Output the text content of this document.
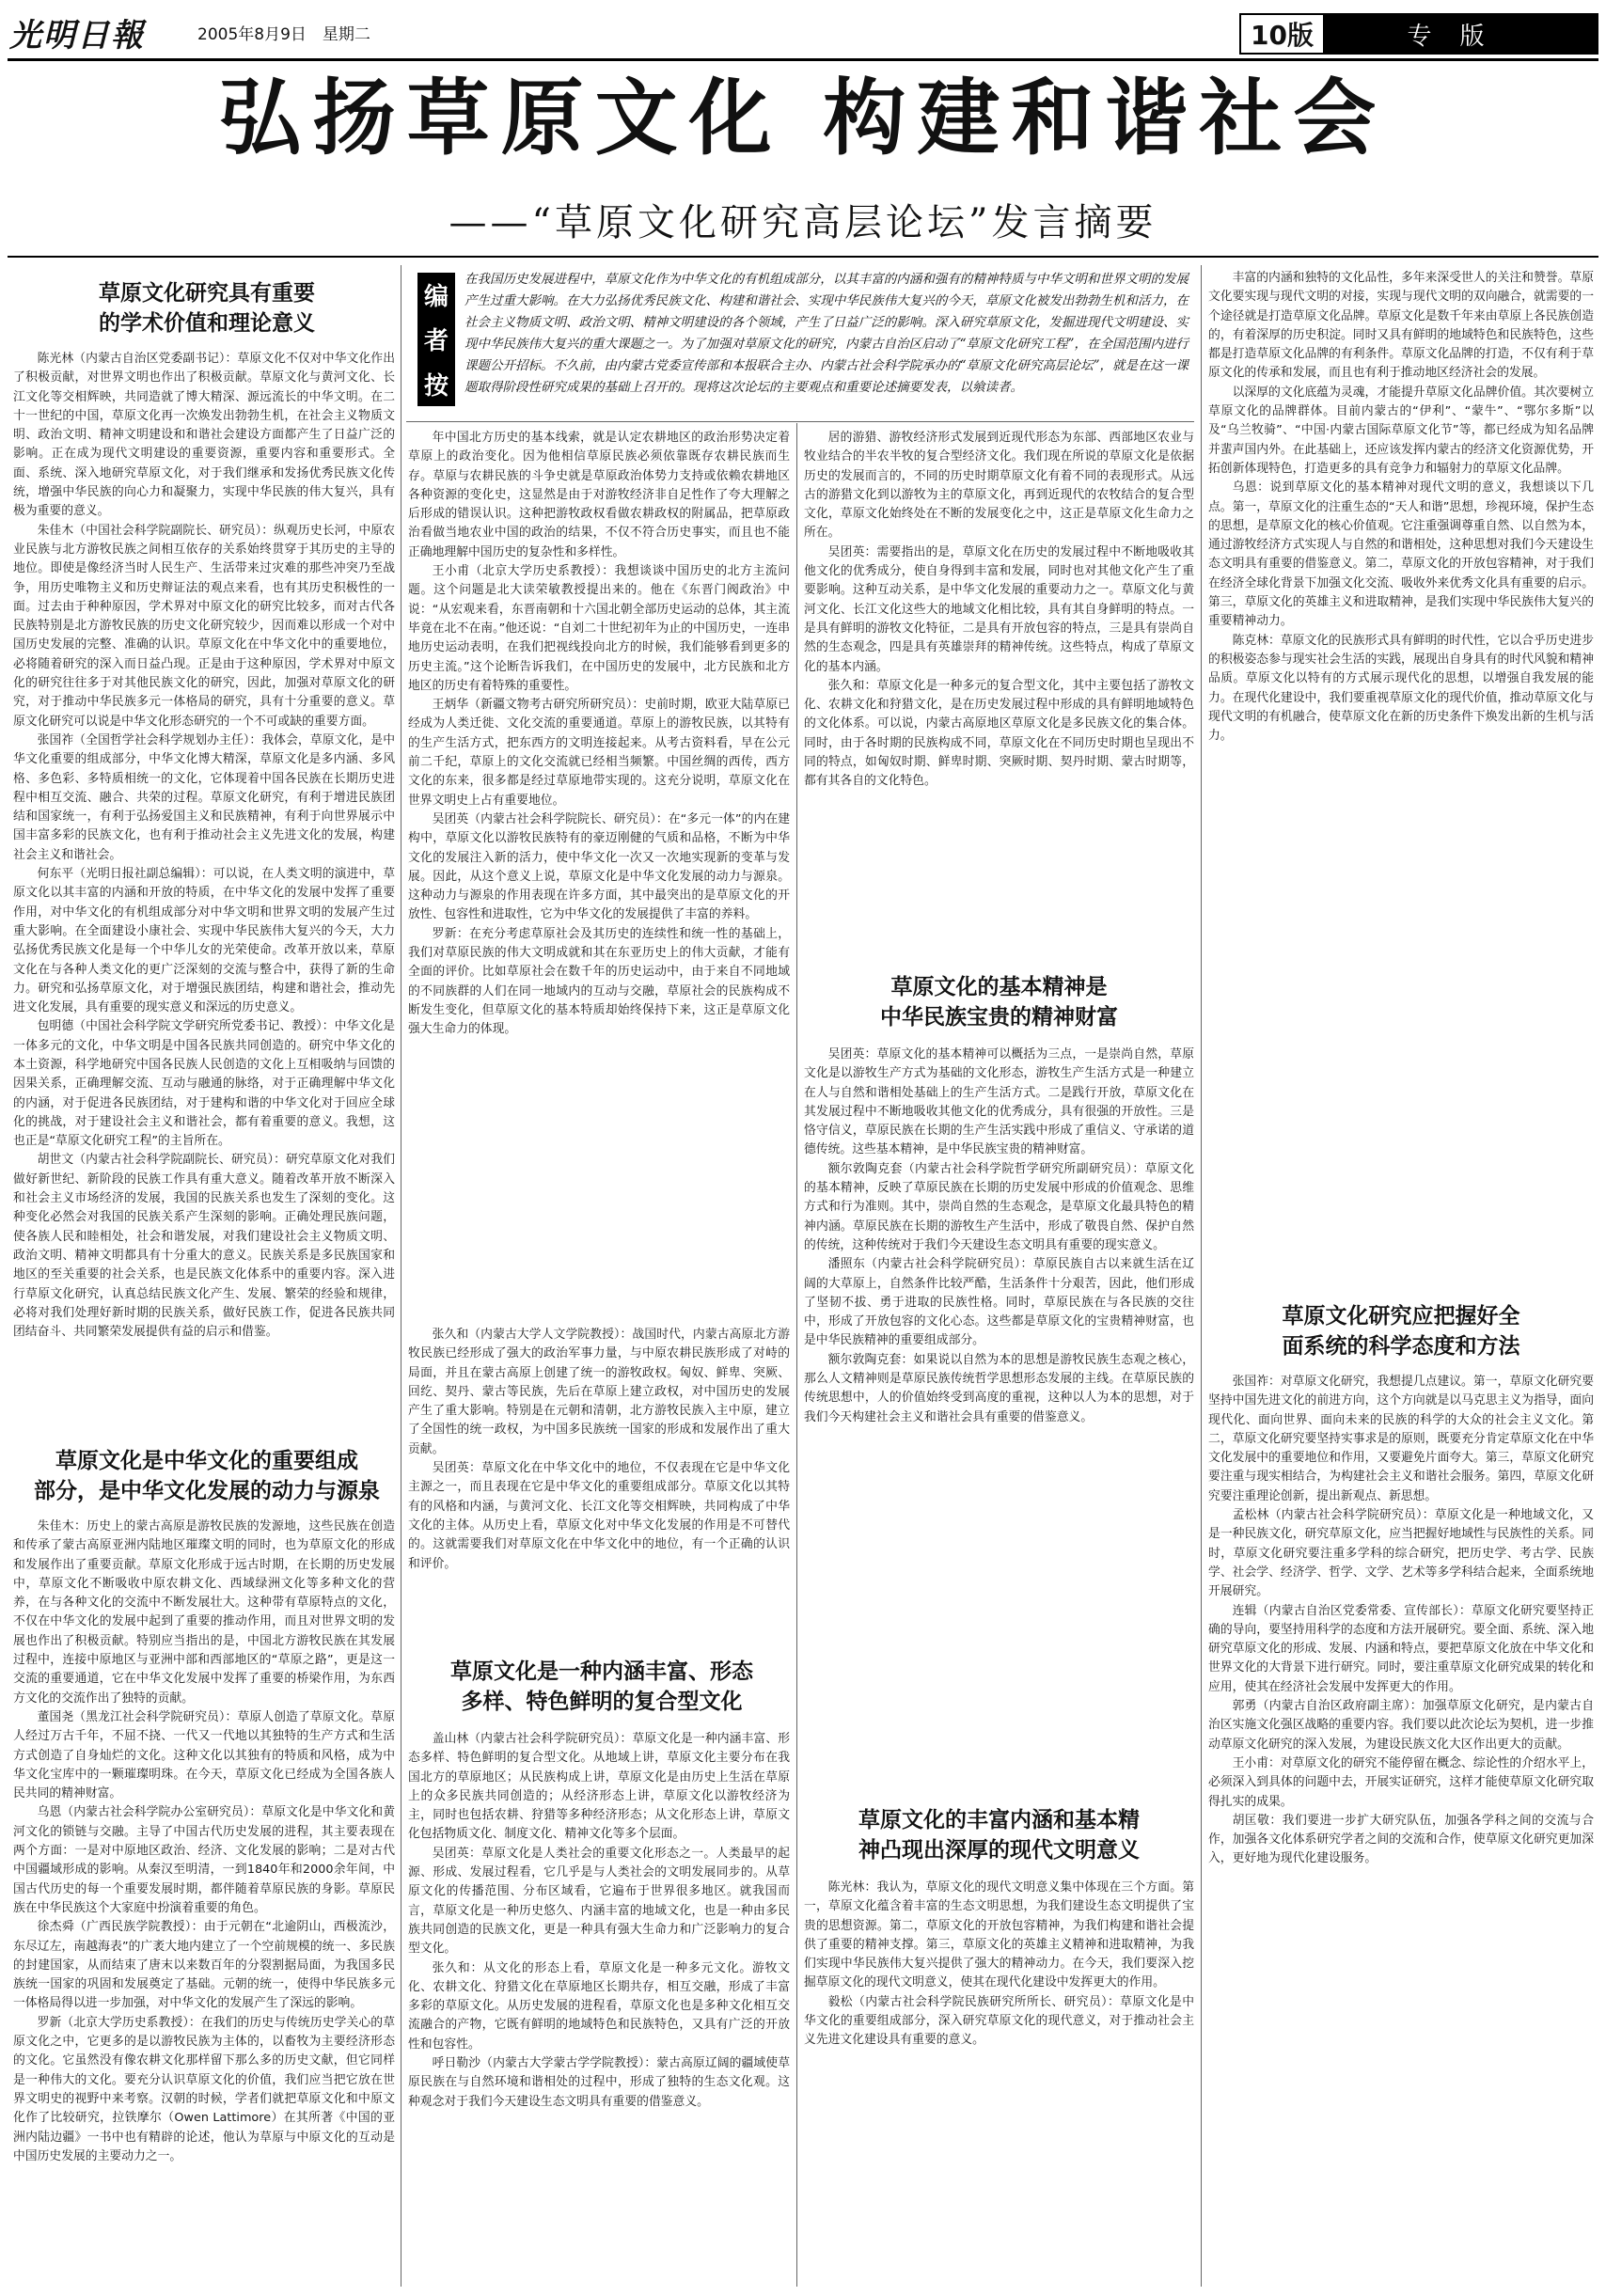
光明日報	2005年8月9日　星期二	10版	专版
弘扬草原文化 构建和谐社会
——“草原文化研究高层论坛”发言摘要
编
者
按
在我国历史发展进程中，草原文化作为中华文化的有机组成部分，以其丰富的内涵和强有的精神特质与中华文明和世界文明的发展产生过重大影响。在大力弘扬优秀民族文化、构建和谐社会、实现中华民族伟大复兴的今天，草原文化被发出勃勃生机和活力，在社会主义物质文明、政治文明、精神文明建设的各个领域，产生了日益广泛的影响。深入研究草原文化，发掘进现代文明建设、实现中华民族伟大复兴的重大课题之一。为了加强对草原文化的研究，内蒙古自治区启动了“草原文化研究工程”，在全国范围内进行课题公开招标。不久前，由内蒙古党委宣传部和本报联合主办、内蒙古社会科学院承办的“草原文化研究高层论坛”，就是在这一课题取得阶段性研究成果的基础上召开的。现将这次论坛的主要观点和重要论述摘要发表，以飨读者。
草原文化研究具有重要
的学术价值和理论意义

陈光林（内蒙古自治区党委副书记）：草原文化不仅对中华文化作出了积极贡献，对世界文明也作出了积极贡献。草原文化与黄河文化、长江文化等交相辉映，共同造就了博大精深、源远流长的中华文明。在二十一世纪的中国，草原文化再一次焕发出勃勃生机，在社会主义物质文明、政治文明、精神文明建设和和谐社会建设方面都产生了日益广泛的影响。正在成为现代文明建设的重要资源，重要内容和重要形式。全面、系统、深入地研究草原文化，对于我们继承和发扬优秀民族文化传统，增强中华民族的向心力和凝聚力，实现中华民族的伟大复兴，具有极为重要的意义。

朱佳木（中国社会科学院副院长、研究员）：纵观历史长河，中原农业民族与北方游牧民族之间相互依存的关系始终贯穿于其历史的主导的地位。即使是像经济当时人民生产、生活带来过灾难的那些冲突乃至战争，用历史唯物主义和历史辩证法的观点来看，也有其历史积极性的一面。过去由于种种原因，学术界对中原文化的研究比较多，而对古代各民族特别是北方游牧民族的历史文化研究较少，因而难以形成一个对中国历史发展的完整、准确的认识。草原文化在中华文化中的重要地位，必将随着研究的深入而日益凸现。正是由于这种原因，学术界对中原文化的研究往往多于对其他民族文化的研究，因此，加强对草原文化的研究，对于推动中华民族多元一体格局的研究，具有十分重要的意义。草原文化研究可以说是中华文化形态研究的一个不可或缺的重要方面。

张国祚（全国哲学社会科学规划办主任）：我体会，草原文化，是中华文化重要的组成部分，中华文化博大精深，草原文化是多内涵、多风格、多色彩、多特质相统一的文化，它体现着中国各民族在长期历史进程中相互交流、融合、共荣的过程。草原文化研究，有利于增进民族团结和国家统一，有利于弘扬爱国主义和民族精神，有利于向世界展示中国丰富多彩的民族文化，也有利于推动社会主义先进文化的发展，构建社会主义和谐社会。

何东平（光明日报社副总编辑）：可以说，在人类文明的演进中，草原文化以其丰富的内涵和开放的特质，在中华文化的发展中发挥了重要作用，对中华文化的有机组成部分对中华文明和世界文明的发展产生过重大影响。在全面建设小康社会、实现中华民族伟大复兴的今天，大力弘扬优秀民族文化是每一个中华儿女的光荣使命。改革开放以来，草原文化在与各种人类文化的更广泛深刻的交流与整合中，获得了新的生命力。研究和弘扬草原文化，对于增强民族团结，构建和谐社会，推动先进文化发展，具有重要的现实意义和深远的历史意义。

包明德（中国社会科学院文学研究所党委书记、教授）：中华文化是一体多元的文化，中华文明是中国各民族共同创造的。研究中华文化的本土资源，科学地研究中国各民族人民创造的文化上互相吸纳与回馈的因果关系，正确理解交流、互动与融通的脉络，对于正确理解中华文化的内涵，对于促进各民族团结，对于建构和谐的中华文化对于回应全球化的挑战，对于建设社会主义和谐社会，都有着重要的意义。我想，这也正是“草原文化研究工程”的主旨所在。

胡世文（内蒙古社会科学院副院长、研究员）：研究草原文化对我们做好新世纪、新阶段的民族工作具有重大意义。随着改革开放不断深入和社会主义市场经济的发展，我国的民族关系也发生了深刻的变化。这种变化必然会对我国的民族关系产生深刻的影响。正确处理民族问题，使各族人民和睦相处，社会和谐发展，对我们建设社会主义物质文明、政治文明、精神文明都具有十分重大的意义。民族关系是多民族国家和地区的至关重要的社会关系，也是民族文化体系中的重要内容。深入进行草原文化研究，认真总结民族文化产生、发展、繁荣的经验和规律，必将对我们处理好新时期的民族关系，做好民族工作，促进各民族共同团结奋斗、共同繁荣发展提供有益的启示和借鉴。

草原文化是中华文化的重要组成
部分，是中华文化发展的动力与源泉

朱佳木：历史上的蒙古高原是游牧民族的发源地，这些民族在创造和传承了蒙古高原亚洲内陆地区璀璨文明的同时，也为草原文化的形成和发展作出了重要贡献。草原文化形成于远古时期，在长期的历史发展中，草原文化不断吸收中原农耕文化、西域绿洲文化等多种文化的营养，在与各种文化的交流中不断发展壮大。这种带有草原特点的文化，不仅在中华文化的发展中起到了重要的推动作用，而且对世界文明的发展也作出了积极贡献。特别应当指出的是，中国北方游牧民族在其发展过程中，连接中原地区与亚洲中部和西部地区的“草原之路”，更是这一交流的重要通道，它在中华文化发展中发挥了重要的桥梁作用，为东西方文化的交流作出了独特的贡献。

董国尧（黑龙江社会科学院研究员）：草原人创造了草原文化。草原人经过万古千年，不屈不挠、一代又一代地以其独特的生产方式和生活方式创造了自身灿烂的文化。这种文化以其独有的特质和风格，成为中华文化宝库中的一颗璀璨明珠。在今天，草原文化已经成为全国各族人民共同的精神财富。

乌恩（内蒙古社会科学院办公室研究员）：草原文化是中华文化和黄河文化的锁链与交融。主导了中国古代历史发展的进程，其主要表现在两个方面：一是对中原地区政治、经济、文化发展的影响；二是对古代中国疆域形成的影响。从秦汉至明清，一到1840年和2000余年间，中国古代历史的每一个重要发展时期，都伴随着草原民族的身影。草原民族在中华民族这个大家庭中扮演着重要的角色。

徐杰舜（广西民族学院教授）：由于元朝在“北逾阴山，西极流沙，东尽辽左，南越海表”的广袤大地内建立了一个空前规模的统一、多民族的封建国家，从而结束了唐末以来数百年的分裂割据局面，为我国多民族统一国家的巩固和发展奠定了基础。元朝的统一，使得中华民族多元一体格局得以进一步加强，对中华文化的发展产生了深远的影响。

罗新（北京大学历史系教授）：在我们的历史与传统历史学关心的草原文化之中，它更多的是以游牧民族为主体的，以畜牧为主要经济形态的文化。它虽然没有像农耕文化那样留下那么多的历史文献，但它同样是一种伟大的文化。要充分认识草原文化的价值，我们应当把它放在世界文明史的视野中来考察。汉朝的时候，学者们就把草原文化和中原文化作了比较研究，拉铁摩尔（Owen Lattimore）在其所著《中国的亚洲内陆边疆》一书中也有精辟的论述，他认为草原与中原文化的互动是中国历史发展的主要动力之一。

年中国北方历史的基本线索，就是认定农耕地区的政治形势决定着草原上的政治变化。因为他相信草原民族必须依靠既存农耕民族而生存。草原与农耕民族的斗争史就是草原政治体势力支持或依赖农耕地区各种资源的变化史，这显然是由于对游牧经济非自足性作了夸大理解之后形成的错误认识。这种把游牧政权看做农耕政权的附属品，把草原政治看做当地农业中国的政治的结果，不仅不符合历史事实，而且也不能正确地理解中国历史的复杂性和多样性。

王小甫（北京大学历史系教授）：我想谈谈中国历史的北方主流问题。这个问题是北大读荣敏教授提出来的。他在《东晋门阀政治》中说：“从宏观来看，东晋南朝和十六国北朝全部历史运动的总体，其主流毕竟在北不在南。”他还说：“自刘二十世纪初年为止的中国历史，一连串地历史运动表明，在我们把视线投向北方的时候，我们能够看到更多的历史主流。”这个论断告诉我们，在中国历史的发展中，北方民族和北方地区的历史有着特殊的重要性。

王炳华（新疆文物考古研究所研究员）：史前时期，欧亚大陆草原已经成为人类迁徙、文化交流的重要通道。草原上的游牧民族，以其特有的生产生活方式，把东西方的文明连接起来。从考古资料看，早在公元前二千纪，草原上的文化交流就已经相当频繁。中国丝绸的西传，西方文化的东来，很多都是经过草原地带实现的。这充分说明，草原文化在世界文明史上占有重要地位。

吴团英（内蒙古社会科学院院长、研究员）：在“多元一体”的内在建构中，草原文化以游牧民族特有的豪迈刚健的气质和品格，不断为中华文化的发展注入新的活力，使中华文化一次又一次地实现新的变革与发展。因此，从这个意义上说，草原文化是中华文化发展的动力与源泉。这种动力与源泉的作用表现在许多方面，其中最突出的是草原文化的开放性、包容性和进取性，它为中华文化的发展提供了丰富的养料。

罗新：在充分考虑草原社会及其历史的连续性和统一性的基础上，我们对草原民族的伟大文明成就和其在东亚历史上的伟大贡献，才能有全面的评价。比如草原社会在数千年的历史运动中，由于来自不同地域的不同族群的人们在同一地域内的互动与交融，草原社会的民族构成不断发生变化，但草原文化的基本特质却始终保持下来，这正是草原文化强大生命力的体现。

张久和（内蒙古大学人文学院教授）：战国时代，内蒙古高原北方游牧民族已经形成了强大的政治军事力量，与中原农耕民族形成了对峙的局面，并且在蒙古高原上创建了统一的游牧政权。匈奴、鲜卑、突厥、回纥、契丹、蒙古等民族，先后在草原上建立政权，对中国历史的发展产生了重大影响。特别是在元朝和清朝，北方游牧民族入主中原，建立了全国性的统一政权，为中国多民族统一国家的形成和发展作出了重大贡献。

吴团英：草原文化在中华文化中的地位，不仅表现在它是中华文化主源之一，而且表现在它是中华文化的重要组成部分。草原文化以其特有的风格和内涵，与黄河文化、长江文化等交相辉映，共同构成了中华文化的主体。从历史上看，草原文化对中华文化发展的作用是不可替代的。这就需要我们对草原文化在中华文化中的地位，有一个正确的认识和评价。

草原文化是一种内涵丰富、形态
多样、特色鲜明的复合型文化

盖山林（内蒙古社会科学院研究员）：草原文化是一种内涵丰富、形态多样、特色鲜明的复合型文化。从地域上讲，草原文化主要分布在我国北方的草原地区；从民族构成上讲，草原文化是由历史上生活在草原上的众多民族共同创造的；从经济形态上讲，草原文化以游牧经济为主，同时也包括农耕、狩猎等多种经济形态；从文化形态上讲，草原文化包括物质文化、制度文化、精神文化等多个层面。

吴团英：草原文化是人类社会的重要文化形态之一。人类最早的起源、形成、发展过程看，它几乎是与人类社会的文明发展同步的。从草原文化的传播范围、分布区域看，它遍布于世界很多地区。就我国而言，草原文化是一种历史悠久、内涵丰富的地域文化，也是一种由多民族共同创造的民族文化，更是一种具有强大生命力和广泛影响力的复合型文化。

张久和：从文化的形态上看，草原文化是一种多元文化。游牧文化、农耕文化、狩猎文化在草原地区长期共存，相互交融，形成了丰富多彩的草原文化。从历史发展的进程看，草原文化也是多种文化相互交流融合的产物，它既有鲜明的地域特色和民族特色，又具有广泛的开放性和包容性。

呼日勒沙（内蒙古大学蒙古学学院教授）：蒙古高原辽阔的疆域使草原民族在与自然环境和谐相处的过程中，形成了独特的生态文化观。这种观念对于我们今天建设生态文明具有重要的借鉴意义。

居的游猎、游牧经济形式发展到近现代形态为东部、西部地区农业与牧业结合的半农半牧的复合型经济文化。我们现在所说的草原文化是依据历史的发展而言的，不同的历史时期草原文化有着不同的表现形式。从远古的游猎文化到以游牧为主的草原文化，再到近现代的农牧结合的复合型文化，草原文化始终处在不断的发展变化之中，这正是草原文化生命力之所在。

吴团英：需要指出的是，草原文化在历史的发展过程中不断地吸收其他文化的优秀成分，使自身得到丰富和发展，同时也对其他文化产生了重要影响。这种互动关系，是中华文化发展的重要动力之一。草原文化与黄河文化、长江文化这些大的地域文化相比较，具有其自身鲜明的特点。一是具有鲜明的游牧文化特征，二是具有开放包容的特点，三是具有崇尚自然的生态观念，四是具有英雄崇拜的精神传统。这些特点，构成了草原文化的基本内涵。

张久和：草原文化是一种多元的复合型文化，其中主要包括了游牧文化、农耕文化和狩猎文化，是在历史发展过程中形成的具有鲜明地域特色的文化体系。可以说，内蒙古高原地区草原文化是多民族文化的集合体。同时，由于各时期的民族构成不同，草原文化在不同历史时期也呈现出不同的特点，如匈奴时期、鲜卑时期、突厥时期、契丹时期、蒙古时期等，都有其各自的文化特色。

草原文化的基本精神是
中华民族宝贵的精神财富

吴团英：草原文化的基本精神可以概括为三点，一是崇尚自然，草原文化是以游牧生产方式为基础的文化形态，游牧生产生活方式是一种建立在人与自然和谐相处基础上的生产生活方式。二是践行开放，草原文化在其发展过程中不断地吸收其他文化的优秀成分，具有很强的开放性。三是恪守信义，草原民族在长期的生产生活实践中形成了重信义、守承诺的道德传统。这些基本精神，是中华民族宝贵的精神财富。

额尔敦陶克套（内蒙古社会科学院哲学研究所副研究员）：草原文化的基本精神，反映了草原民族在长期的历史发展中形成的价值观念、思维方式和行为准则。其中，崇尚自然的生态观念，是草原文化最具特色的精神内涵。草原民族在长期的游牧生产生活中，形成了敬畏自然、保护自然的传统，这种传统对于我们今天建设生态文明具有重要的现实意义。

潘照东（内蒙古社会科学院研究员）：草原民族自古以来就生活在辽阔的大草原上，自然条件比较严酷，生活条件十分艰苦，因此，他们形成了坚韧不拔、勇于进取的民族性格。同时，草原民族在与各民族的交往中，形成了开放包容的文化心态。这些都是草原文化的宝贵精神财富，也是中华民族精神的重要组成部分。

额尔敦陶克套：如果说以自然为本的思想是游牧民族生态观之核心，那么人文精神则是草原民族传统哲学思想形态发展的主线。在草原民族的传统思想中，人的价值始终受到高度的重视，这种以人为本的思想，对于我们今天构建社会主义和谐社会具有重要的借鉴意义。

草原文化的丰富内涵和基本精
神凸现出深厚的现代文明意义

陈光林：我认为，草原文化的现代文明意义集中体现在三个方面。第一，草原文化蕴含着丰富的生态文明思想，为我们建设生态文明提供了宝贵的思想资源。第二，草原文化的开放包容精神，为我们构建和谐社会提供了重要的精神支撑。第三，草原文化的英雄主义精神和进取精神，为我们实现中华民族伟大复兴提供了强大的精神动力。在今天，我们要深入挖掘草原文化的现代文明意义，使其在现代化建设中发挥更大的作用。

毅松（内蒙古社会科学院民族研究所所长、研究员）：草原文化是中华文化的重要组成部分，深入研究草原文化的现代意义，对于推动社会主义先进文化建设具有重要的意义。

丰富的内涵和独特的文化品性，多年来深受世人的关注和赞誉。草原文化要实现与现代文明的对接，实现与现代文明的双向融合，就需要的一个途径就是打造草原文化品牌。草原文化是数千年来由草原上各民族创造的，有着深厚的历史积淀。同时又具有鲜明的地域特色和民族特色，这些都是打造草原文化品牌的有利条件。草原文化品牌的打造，不仅有利于草原文化的传承和发展，而且也有利于推动地区经济社会的发展。

以深厚的文化底蕴为灵魂，才能提升草原文化品牌价值。其次要树立草原文化的品牌群体。目前内蒙古的“伊利”、“蒙牛”、“鄂尔多斯”以及“乌兰牧骑”、“中国·内蒙古国际草原文化节”等，都已经成为知名品牌并蜚声国内外。在此基础上，还应该发挥内蒙古的经济文化资源优势，开拓创新体现特色，打造更多的具有竞争力和辐射力的草原文化品牌。

乌恩：说到草原文化的基本精神对现代文明的意义，我想谈以下几点。第一，草原文化的注重生态的“天人和谐”思想，珍视环境，保护生态的思想，是草原文化的核心价值观。它注重强调尊重自然、以自然为本，通过游牧经济方式实现人与自然的和谐相处，这种思想对我们今天建设生态文明具有重要的借鉴意义。第二，草原文化的开放包容精神，对于我们在经济全球化背景下加强文化交流、吸收外来优秀文化具有重要的启示。第三，草原文化的英雄主义和进取精神，是我们实现中华民族伟大复兴的重要精神动力。

陈克林：草原文化的民族形式具有鲜明的时代性，它以合乎历史进步的积极姿态参与现实社会生活的实践，展现出自身具有的时代风貌和精神品质。草原文化以特有的方式展示现代化的思想，以增强自我发展的能力。在现代化建设中，我们要重视草原文化的现代价值，推动草原文化与现代文明的有机融合，使草原文化在新的历史条件下焕发出新的生机与活力。

草原文化研究应把握好全
面系统的科学态度和方法

张国祚：对草原文化研究，我想提几点建议。第一，草原文化研究要坚持中国先进文化的前进方向，这个方向就是以马克思主义为指导，面向现代化、面向世界、面向未来的民族的科学的大众的社会主义文化。第二，草原文化研究要坚持实事求是的原则，既要充分肯定草原文化在中华文化发展中的重要地位和作用，又要避免片面夸大。第三，草原文化研究要注重与现实相结合，为构建社会主义和谐社会服务。第四，草原文化研究要注重理论创新，提出新观点、新思想。

孟松林（内蒙古社会科学院研究员）：草原文化是一种地域文化，又是一种民族文化，研究草原文化，应当把握好地域性与民族性的关系。同时，草原文化研究要注重多学科的综合研究，把历史学、考古学、民族学、社会学、经济学、哲学、文学、艺术等多学科结合起来，全面系统地开展研究。

连辑（内蒙古自治区党委常委、宣传部长）：草原文化研究要坚持正确的导向，要坚持用科学的态度和方法开展研究。要全面、系统、深入地研究草原文化的形成、发展、内涵和特点，要把草原文化放在中华文化和世界文化的大背景下进行研究。同时，要注重草原文化研究成果的转化和应用，使其在经济社会发展中发挥更大的作用。

郭勇（内蒙古自治区政府副主席）：加强草原文化研究，是内蒙古自治区实施文化强区战略的重要内容。我们要以此次论坛为契机，进一步推动草原文化研究的深入发展，为建设民族文化大区作出更大的贡献。

王小甫：对草原文化的研究不能停留在概念、综论性的介绍水平上，必须深入到具体的问题中去，开展实证研究，这样才能使草原文化研究取得扎实的成果。

胡匡敬：我们要进一步扩大研究队伍，加强各学科之间的交流与合作，加强各文化体系研究学者之间的交流和合作，使草原文化研究更加深入，更好地为现代化建设服务。
